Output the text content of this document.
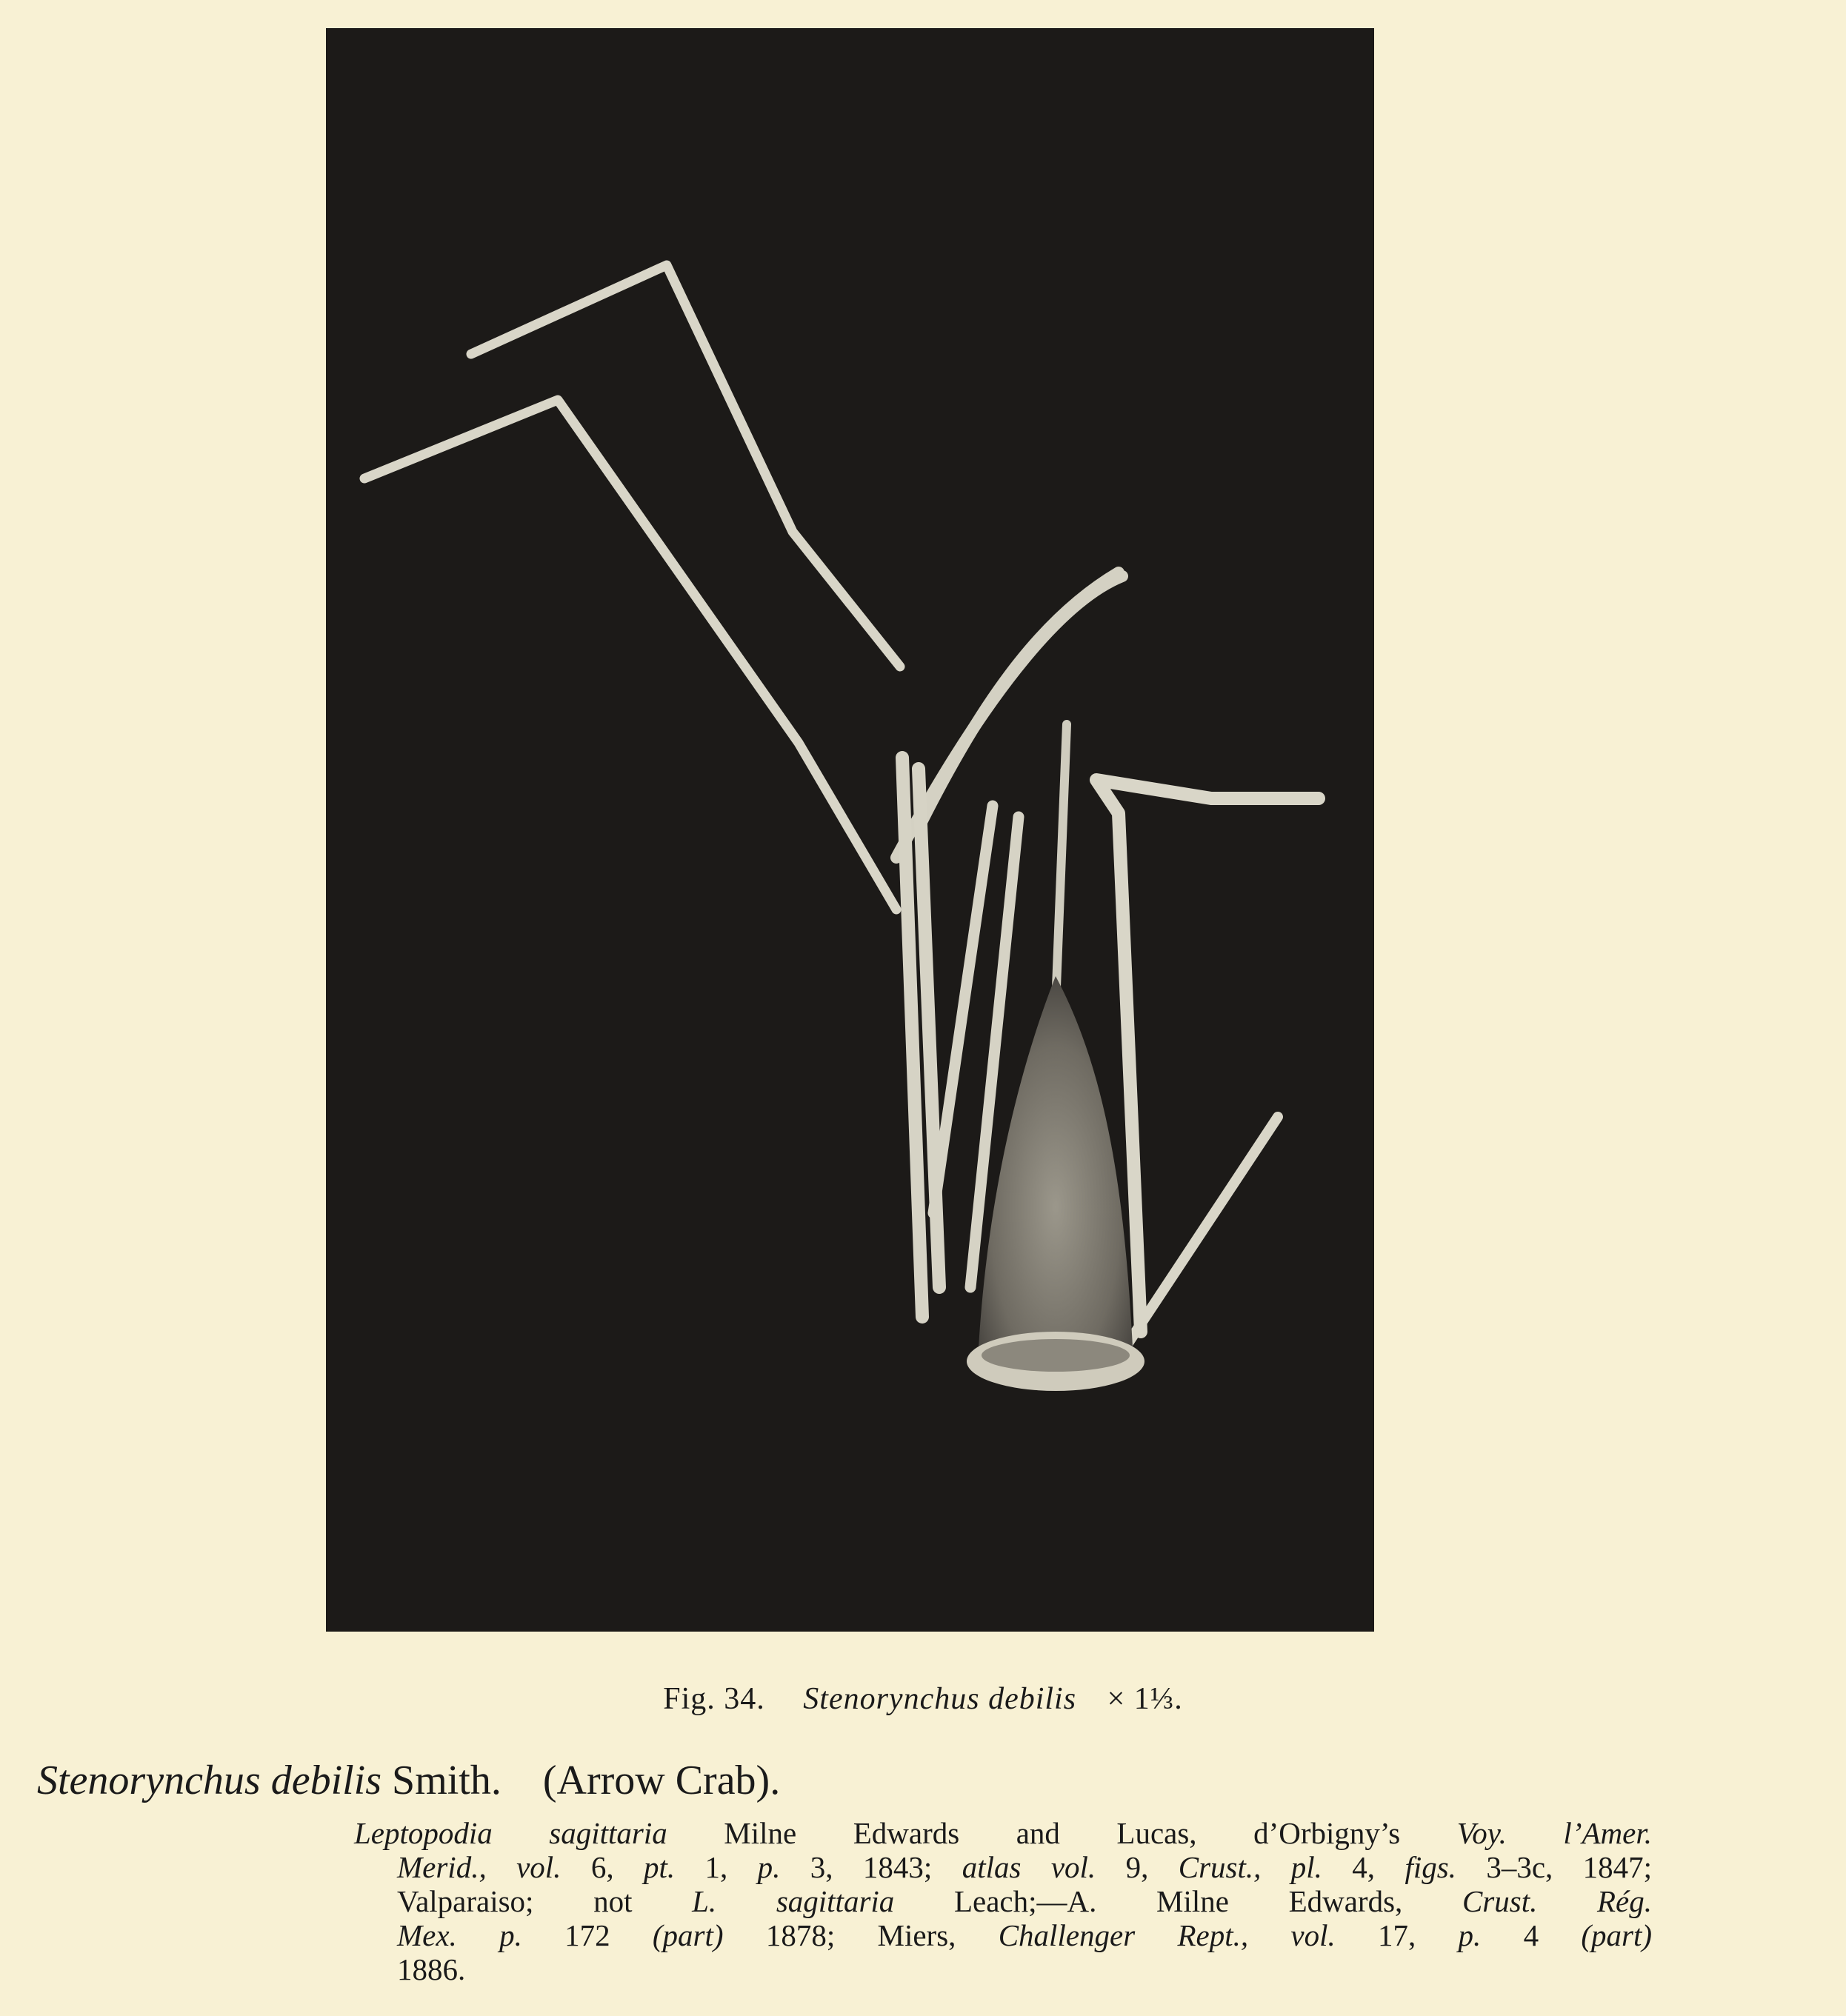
Fig. 34. Stenorynchus debilis × 1⅓.
Stenorynchus debilis Smith. (Arrow Crab).
Leptopodia sagittaria Milne Edwards and Lucas, d’Orbigny’s Voy. l’Amer.
Merid., vol. 6, pt. 1, p. 3, 1843; atlas vol. 9, Crust., pl. 4, figs. 3–3c, 1847;
Valparaiso; not L. sagittaria Leach;—A. Milne Edwards, Crust. Rég.
Mex. p. 172 (part) 1878; Miers, Challenger Rept., vol. 17, p. 4 (part)
1886.
